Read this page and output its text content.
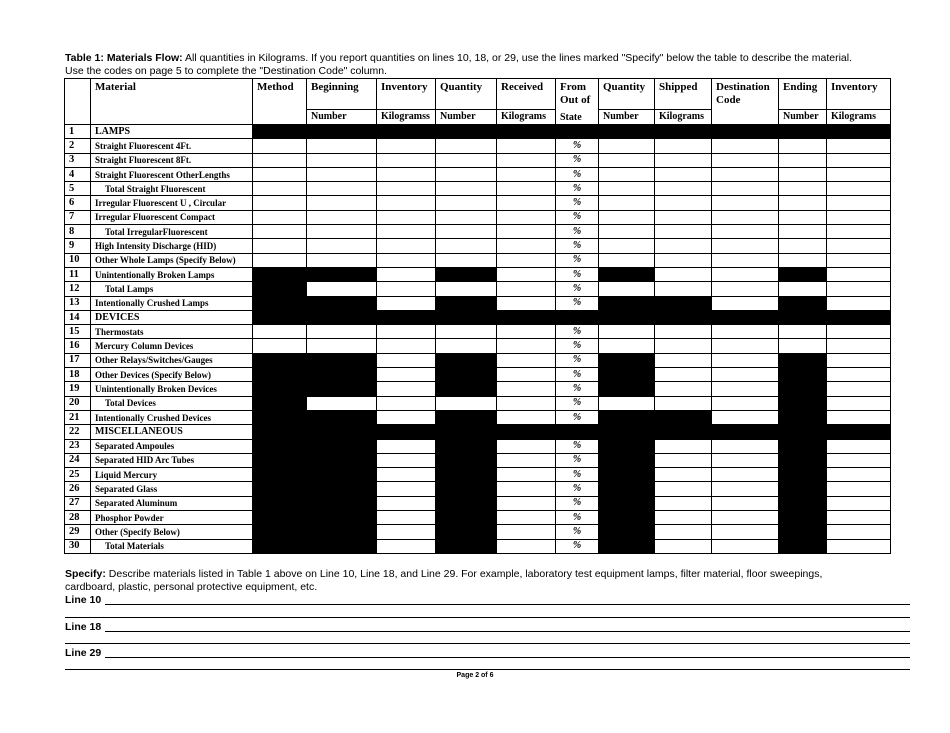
Table 1: Materials Flow: All quantities in Kilograms. If you report quantities on lines 10, 18, or 29, use the lines marked "Specify" below the table to describe the material. Use the codes on page 5 to complete the "Destination Code" column.
	Material	Method	Beginning	Inventory	Quantity	Received	From Out of	Quantity	Shipped	Destination Code	Ending	Inventory
			Number	Kilogramss	Number	Kilograms	State	Number	Kilograms		Number	Kilograms
1	LAMPS											
2	Straight Fluorescent 4Ft.						%					
3	Straight Fluorescent 8Ft.						%					
4	Straight Fluorescent OtherLengths						%					
5	Total Straight Fluorescent						%					
6	Irregular Fluorescent U , Circular						%					
7	Irregular Fluorescent Compact						%					
8	Total IrregularFluorescent						%					
9	High Intensity Discharge (HID)						%					
10	Other Whole Lamps (Specify Below)						%					
11	Unintentionally Broken Lamps						%					
12	Total Lamps						%					
13	Intentionally Crushed Lamps						%					
14	DEVICES											
15	Thermostats						%					
16	Mercury Column Devices						%					
17	Other Relays/Switches/Gauges						%					
18	Other Devices (Specify Below)						%					
19	Unintentionally Broken Devices						%					
20	Total Devices						%					
21	Intentionally Crushed Devices						%					
22	MISCELLANEOUS											
23	Separated Ampoules						%					
24	Separated HID Arc Tubes						%					
25	Liquid Mercury						%					
26	Separated Glass						%					
27	Separated Aluminum						%					
28	Phosphor Powder						%					
29	Other (Specify Below)						%					
30	Total Materials						%					
Specify: Describe materials listed in Table 1 above on Line 10, Line 18, and Line 29. For example, laboratory test equipment lamps, filter material, floor sweepings, cardboard, plastic, personal protective equipment, etc.
Line 10
Line 18
Line 29
Page 2 of 6
